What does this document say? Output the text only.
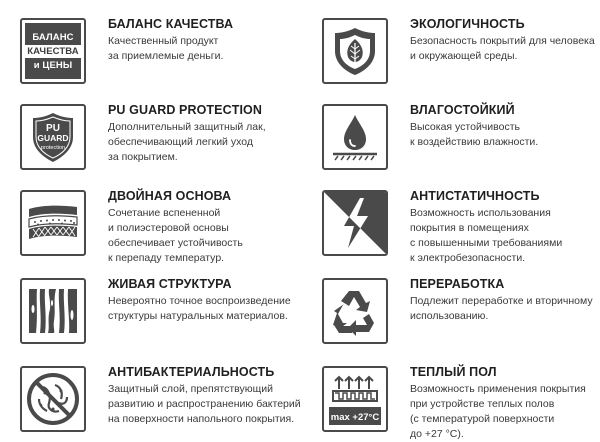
БАЛАНС
КАЧЕСТВА
и ЦЕНЫ
БАЛАНС КАЧЕСТВА
Качественный продукт
за приемлемые деньги.
ЭКОЛОГИЧНОСТЬ
Безопасность покрытий для человека
и окружающей среды.
PU
GUARD
protection
PU GUARD PROTECTION
Дополнительный защитный лак,
обеспечивающий легкий уход
за покрытием.
ВЛАГОСТОЙКИЙ
Высокая устойчивость
к воздействию влажности.
ДВОЙНАЯ ОСНОВА
Сочетание вспененной
и полиэстеровой основы
обеспечивает устойчивость
к перепаду температур.
АНТИСТАТИЧНОСТЬ
Возможность использования
покрытия в помещениях
с повышенными требованиями
к электробезопасности.
ЖИВАЯ СТРУКТУРА
Невероятно точное воспроизведение
структуры натуральных материалов.
ПЕРЕРАБОТКА
Подлежит переработке и вторичному
использованию.
АНТИБАКТЕРИАЛЬНОСТЬ
Защитный слой, препятствующий
развитию и распространению бактерий
на поверхности напольного покрытия.	max +27°C
ТЕПЛЫЙ ПОЛ
Возможность применения покрытия
при устройстве теплых полов
(с температурой поверхности
до +27 °С).
